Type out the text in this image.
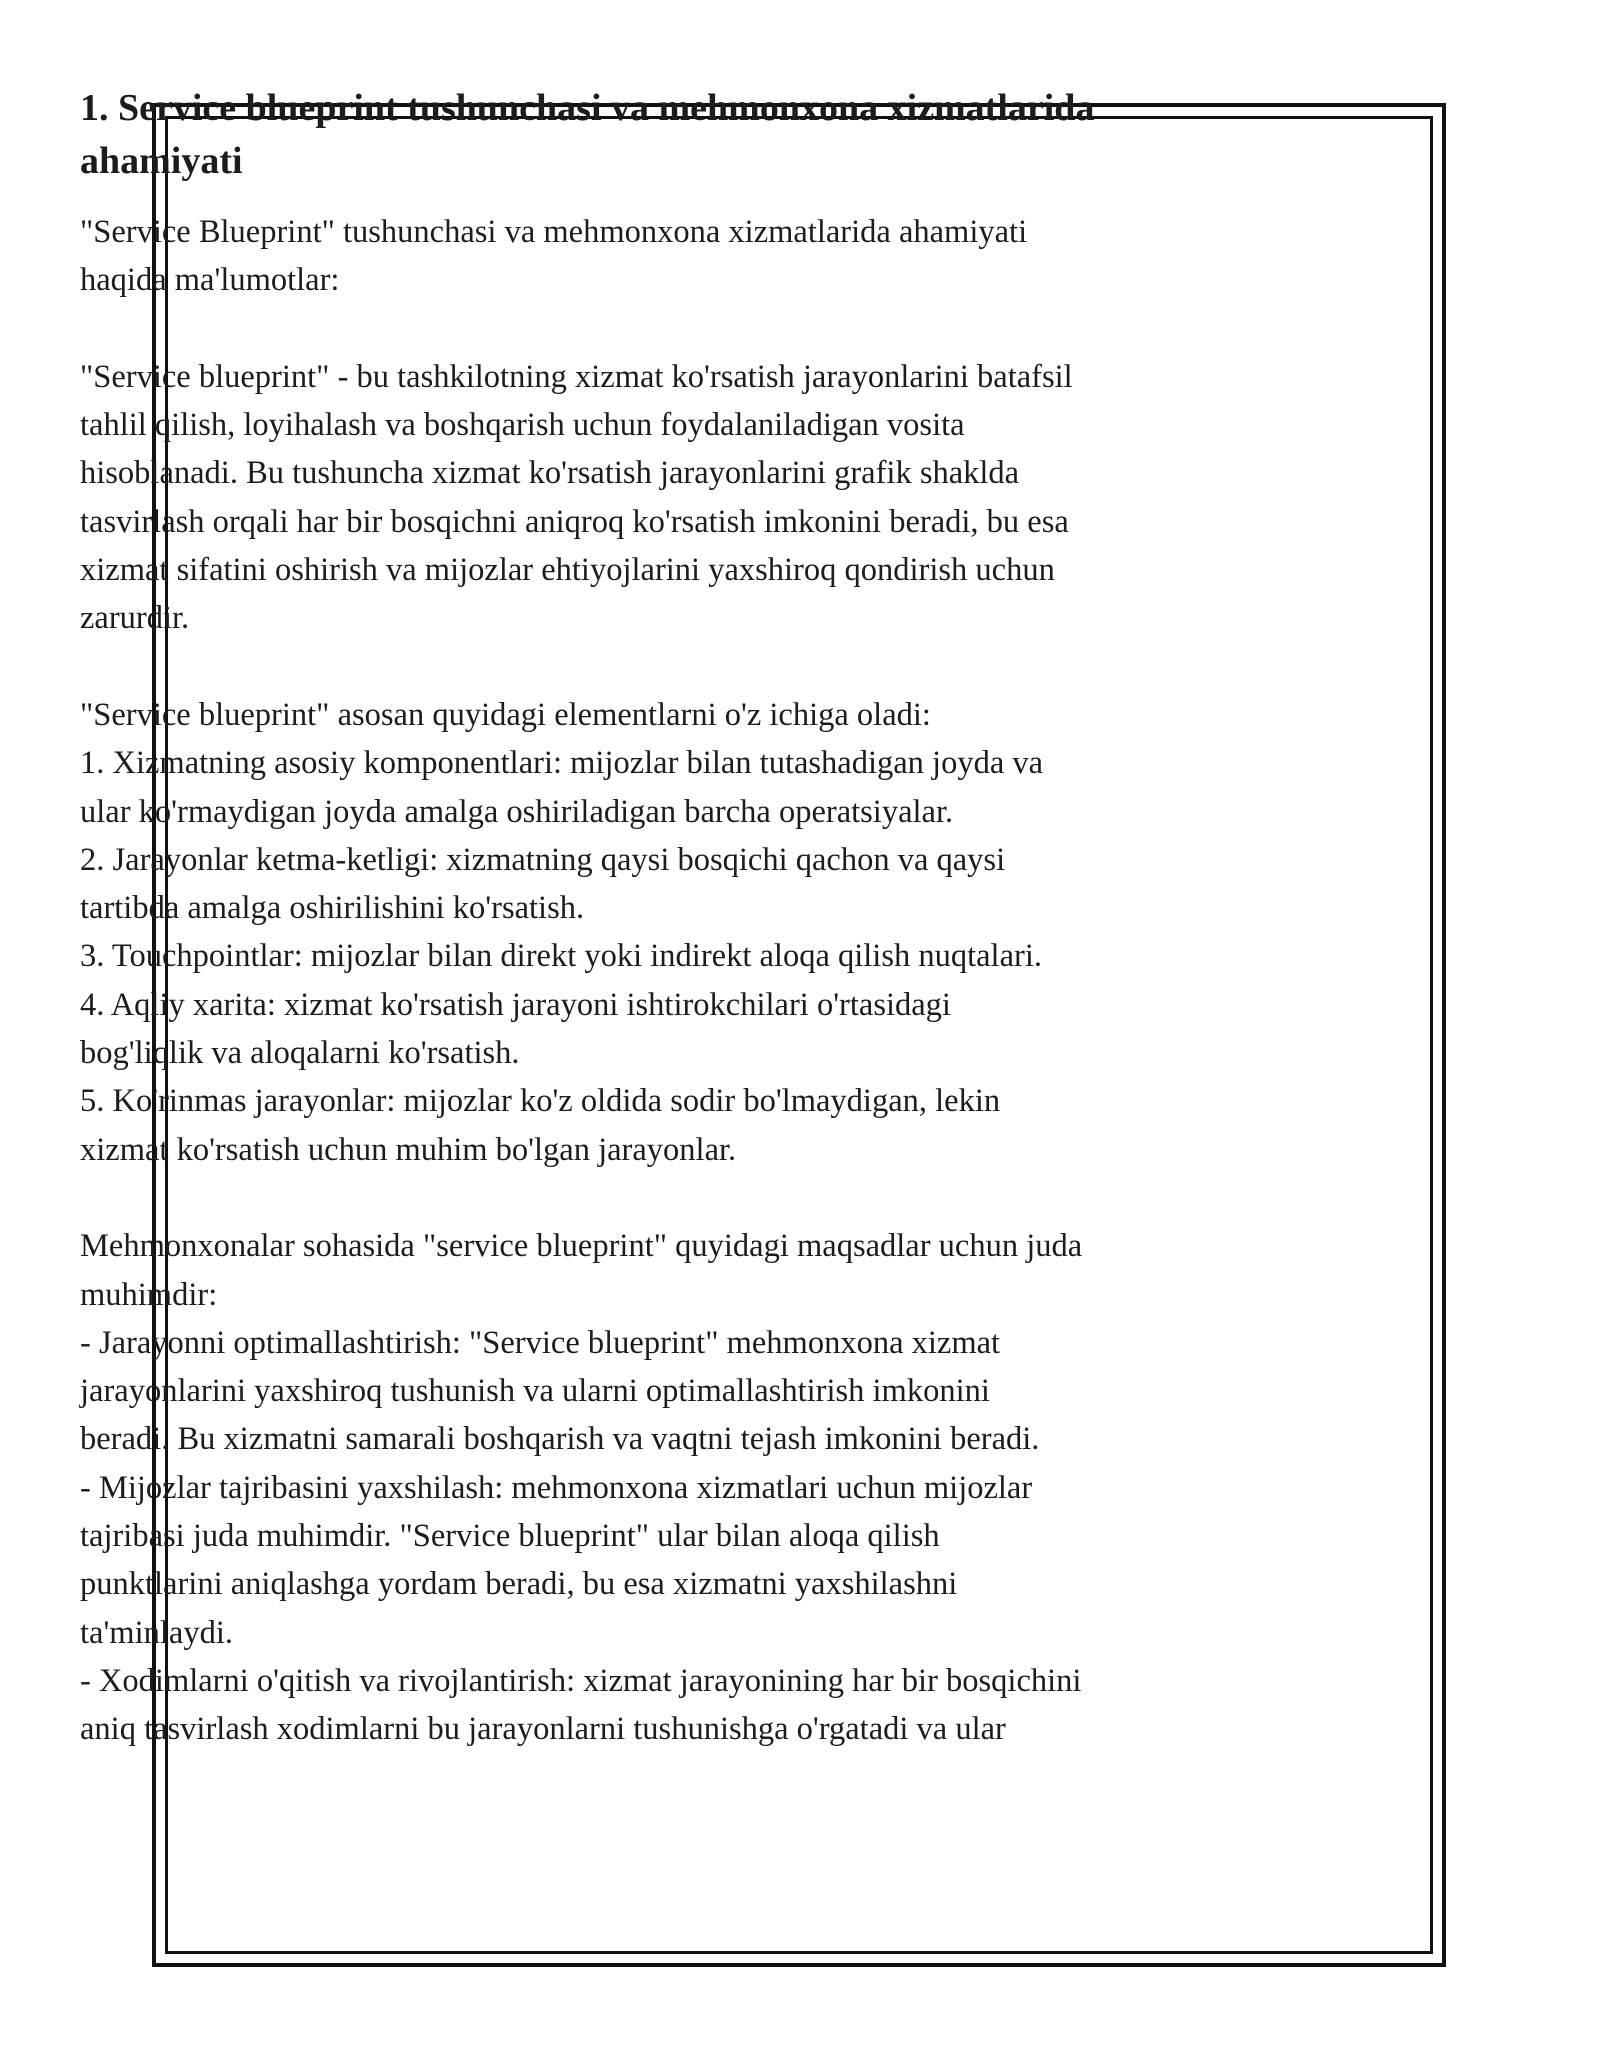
1. Service blueprint tushunchasi va mehmonxona xizmatlarida
ahamiyati

"Service Blueprint" tushunchasi va mehmonxona xizmatlarida ahamiyati
haqida ma'lumotlar:

"Service blueprint" - bu tashkilotning xizmat ko'rsatish jarayonlarini batafsil
tahlil qilish, loyihalash va boshqarish uchun foydalaniladigan vosita
hisoblanadi. Bu tushuncha xizmat ko'rsatish jarayonlarini grafik shakldа
tasvirlash orqali har bir bosqichni aniqroq ko'rsatish imkonini beradi, bu esa
xizmat sifatini oshirish va mijozlar ehtiyojlarini yaxshiroq qondirish uchun
zarurdir.

"Service blueprint" asosan quyidagi elementlarni o'z ichiga oladi:
1. Xizmatning asosiy komponentlari: mijozlar bilan tutashadigan joyda va
ular ko'rmaydigan joyda amalga oshiriladigan barcha operatsiyalar.
2. Jarayonlar ketma-ketligi: xizmatning qaysi bosqichi qachon va qaysi
tartibda amalga oshirilishini ko'rsatish.
3. Touchpointlar: mijozlar bilan direkt yoki indirekt aloqa qilish nuqtalari.
4. Aqliy xarita: xizmat ko'rsatish jarayoni ishtirokchilari o'rtasidagi
bog'liqlik va aloqalarni ko'rsatish.
5. Ko'rinmas jarayonlar: mijozlar ko'z oldida sodir bo'lmaydigan, lekin
xizmat ko'rsatish uchun muhim bo'lgan jarayonlar.

Mehmonxonalar sohasida "service blueprint" quyidagi maqsadlar uchun juda
muhimdir:
- Jarayonni optimallashtirish: "Service blueprint" mehmonxona xizmat
jarayonlarini yaxshiroq tushunish va ularni optimallashtirish imkonini
beradi. Bu xizmatni samarali boshqarish va vaqtni tejash imkonini beradi.
- Mijozlar tajribasini yaxshilash: mehmonxona xizmatlari uchun mijozlar
tajribasi juda muhimdir. "Service blueprint" ular bilan aloqa qilish
punktlarini aniqlashga yordam beradi, bu esa xizmatni yaxshilashni
ta'minlaydi.
- Xodimlarni o'qitish va rivojlantirish: xizmat jarayonining har bir bosqichini
aniq tasvirlash xodimlarni bu jarayonlarni tushunishga o'rgatadi va ular
